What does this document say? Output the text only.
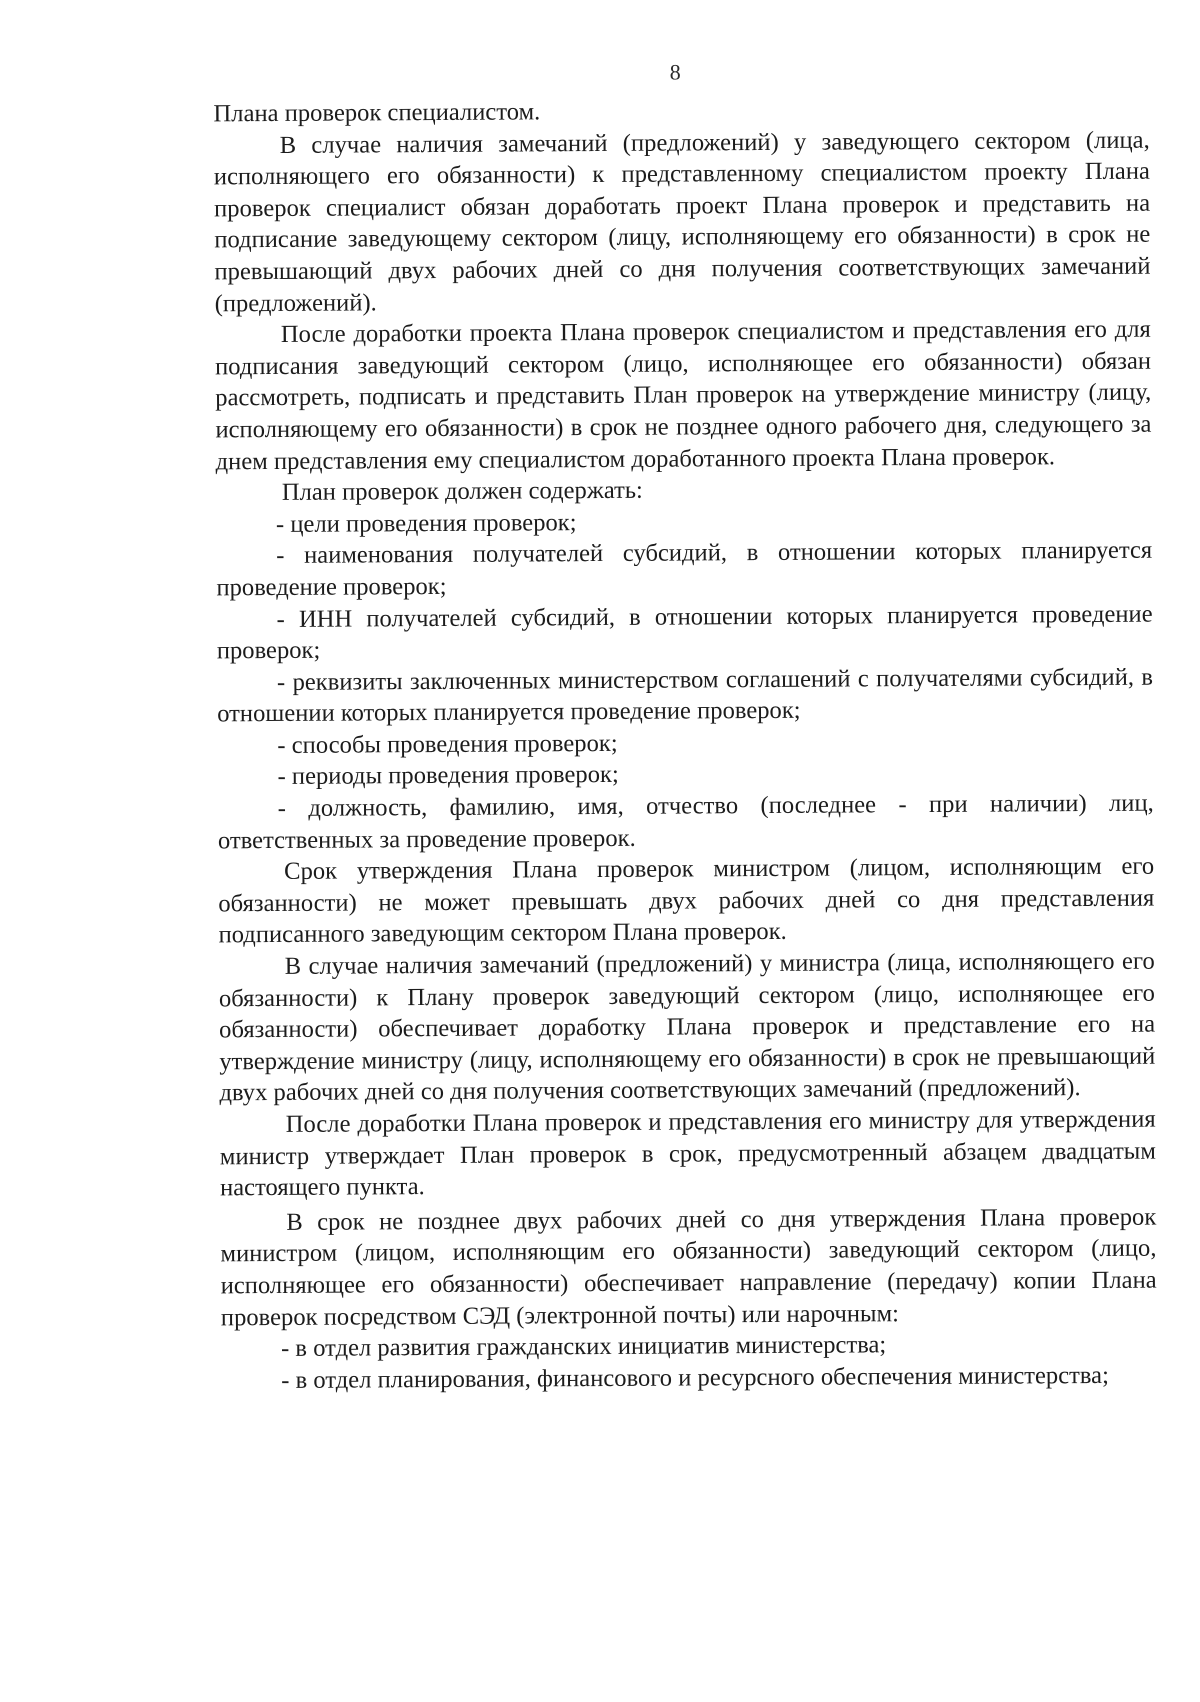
8

Плана проверок специалистом.

В случае наличия замечаний (предложений) у заведующего сектором (лица, исполняющего его обязанности) к представленному специалистом проекту Плана проверок специалист обязан доработать проект Плана проверок и представить на подписание заведующему сектором (лицу, исполняющему его обязанности) в срок не превышающий двух рабочих дней со дня получения соответствующих замечаний (предложений).

После доработки проекта Плана проверок специалистом и представления его для подписания заведующий сектором (лицо, исполняющее его обязанности) обязан рассмотреть, подписать и представить План проверок на утверждение министру (лицу, исполняющему его обязанности) в срок не позднее одного рабочего дня, следующего за днем представления ему специалистом доработанного проекта Плана проверок.

План проверок должен содержать:

- цели проведения проверок;

- наименования получателей субсидий, в отношении которых планируется проведение проверок;

- ИНН получателей субсидий, в отношении которых планируется проведение проверок;

- реквизиты заключенных министерством соглашений с получателями субсидий, в отношении которых планируется проведение проверок;

- способы проведения проверок;

- периоды проведения проверок;

- должность, фамилию, имя, отчество (последнее - при наличии) лиц, ответственных за проведение проверок.

Срок утверждения Плана проверок министром (лицом, исполняющим его обязанности) не может превышать двух рабочих дней со дня представления подписанного заведующим сектором Плана проверок.

В случае наличия замечаний (предложений) у министра (лица, исполняющего его обязанности) к Плану проверок заведующий сектором (лицо, исполняющее его обязанности) обеспечивает доработку Плана проверок и представление его на утверждение министру (лицу, исполняющему его обязанности) в срок не превышающий двух рабочих дней со дня получения соответствующих замечаний (предложений).

После доработки Плана проверок и представления его министру для утверждения министр утверждает План проверок в срок, предусмотренный абзацем двадцатым настоящего пункта.

В срок не позднее двух рабочих дней со дня утверждения Плана проверок министром (лицом, исполняющим его обязанности) заведующий сектором (лицо, исполняющее его обязанности) обеспечивает направление (передачу) копии Плана проверок посредством СЭД (электронной почты) или нарочным:

- в отдел развития гражданских инициатив министерства;

- в отдел планирования, финансового и ресурсного обеспечения министерства;
